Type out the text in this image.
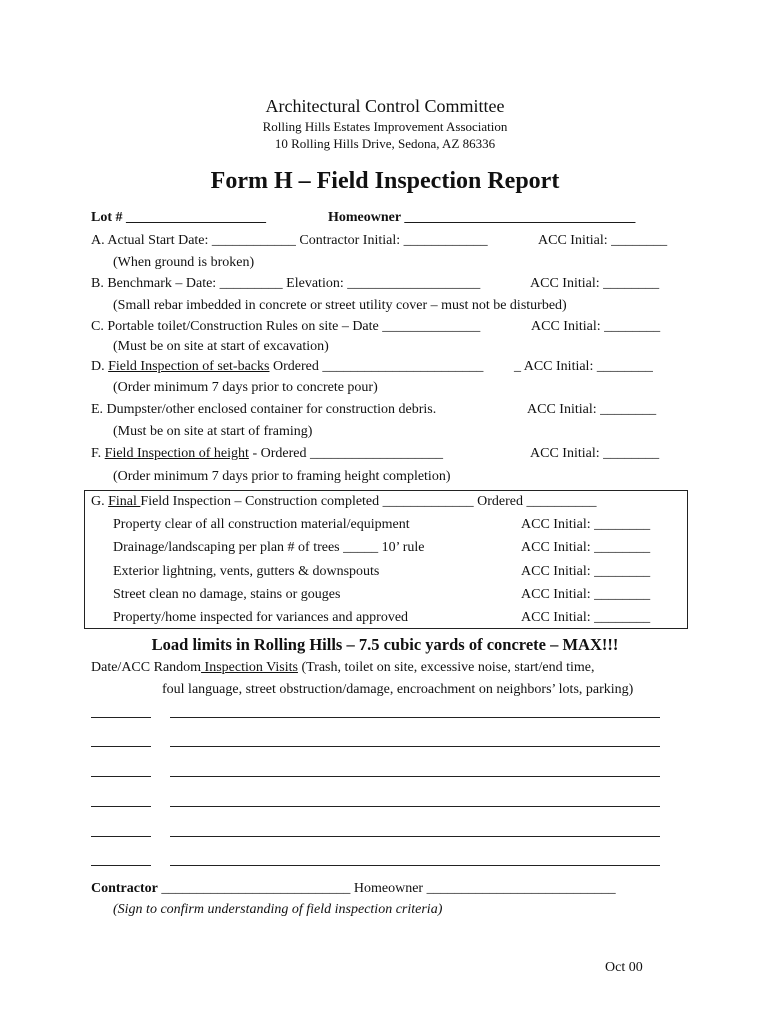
Architectural Control Committee
Rolling Hills Estates Improvement Association
10 Rolling Hills Drive, Sedona, AZ 86336
Form H – Field Inspection Report
Lot # ____________________	Homeowner _________________________________
A. Actual Start Date: ____________ Contractor Initial: ____________	ACC Initial: ________
(When ground is broken)
B. Benchmark – Date: _________ Elevation: ___________________	ACC Initial: ________
(Small rebar imbedded in concrete or street utility cover – must not be disturbed)
C. Portable toilet/Construction Rules on site – Date ______________	ACC Initial: ________
(Must be on site at start of excavation)
D. Field Inspection of set-backs Ordered _______________________ _ ACC Initial: ________
(Order minimum 7 days prior to concrete pour)
E. Dumpster/other enclosed container for construction debris.	ACC Initial: ________
(Must be on site at start of framing)
F. Field Inspection of height - Ordered ___________________	ACC Initial: ________
(Order minimum 7 days prior to framing height completion)
G. Final Field Inspection – Construction completed _____________ Ordered __________
Property clear of all construction material/equipment	ACC Initial: ________
Drainage/landscaping per plan # of trees _____ 10’ rule	ACC Initial: ________
Exterior lightning, vents, gutters & downspouts	ACC Initial: ________
Street clean no damage, stains or gouges	ACC Initial: ________
Property/home inspected for variances and approved	ACC Initial: ________
Load limits in Rolling Hills – 7.5 cubic yards of concrete – MAX!!!
Date/ACC Random Inspection Visits (Trash, toilet on site, excessive noise, start/end time,
foul language, street obstruction/damage, encroachment on neighbors’ lots, parking)
Contractor ___________________________ Homeowner ___________________________
(Sign to confirm understanding of field inspection criteria)
Oct 00
